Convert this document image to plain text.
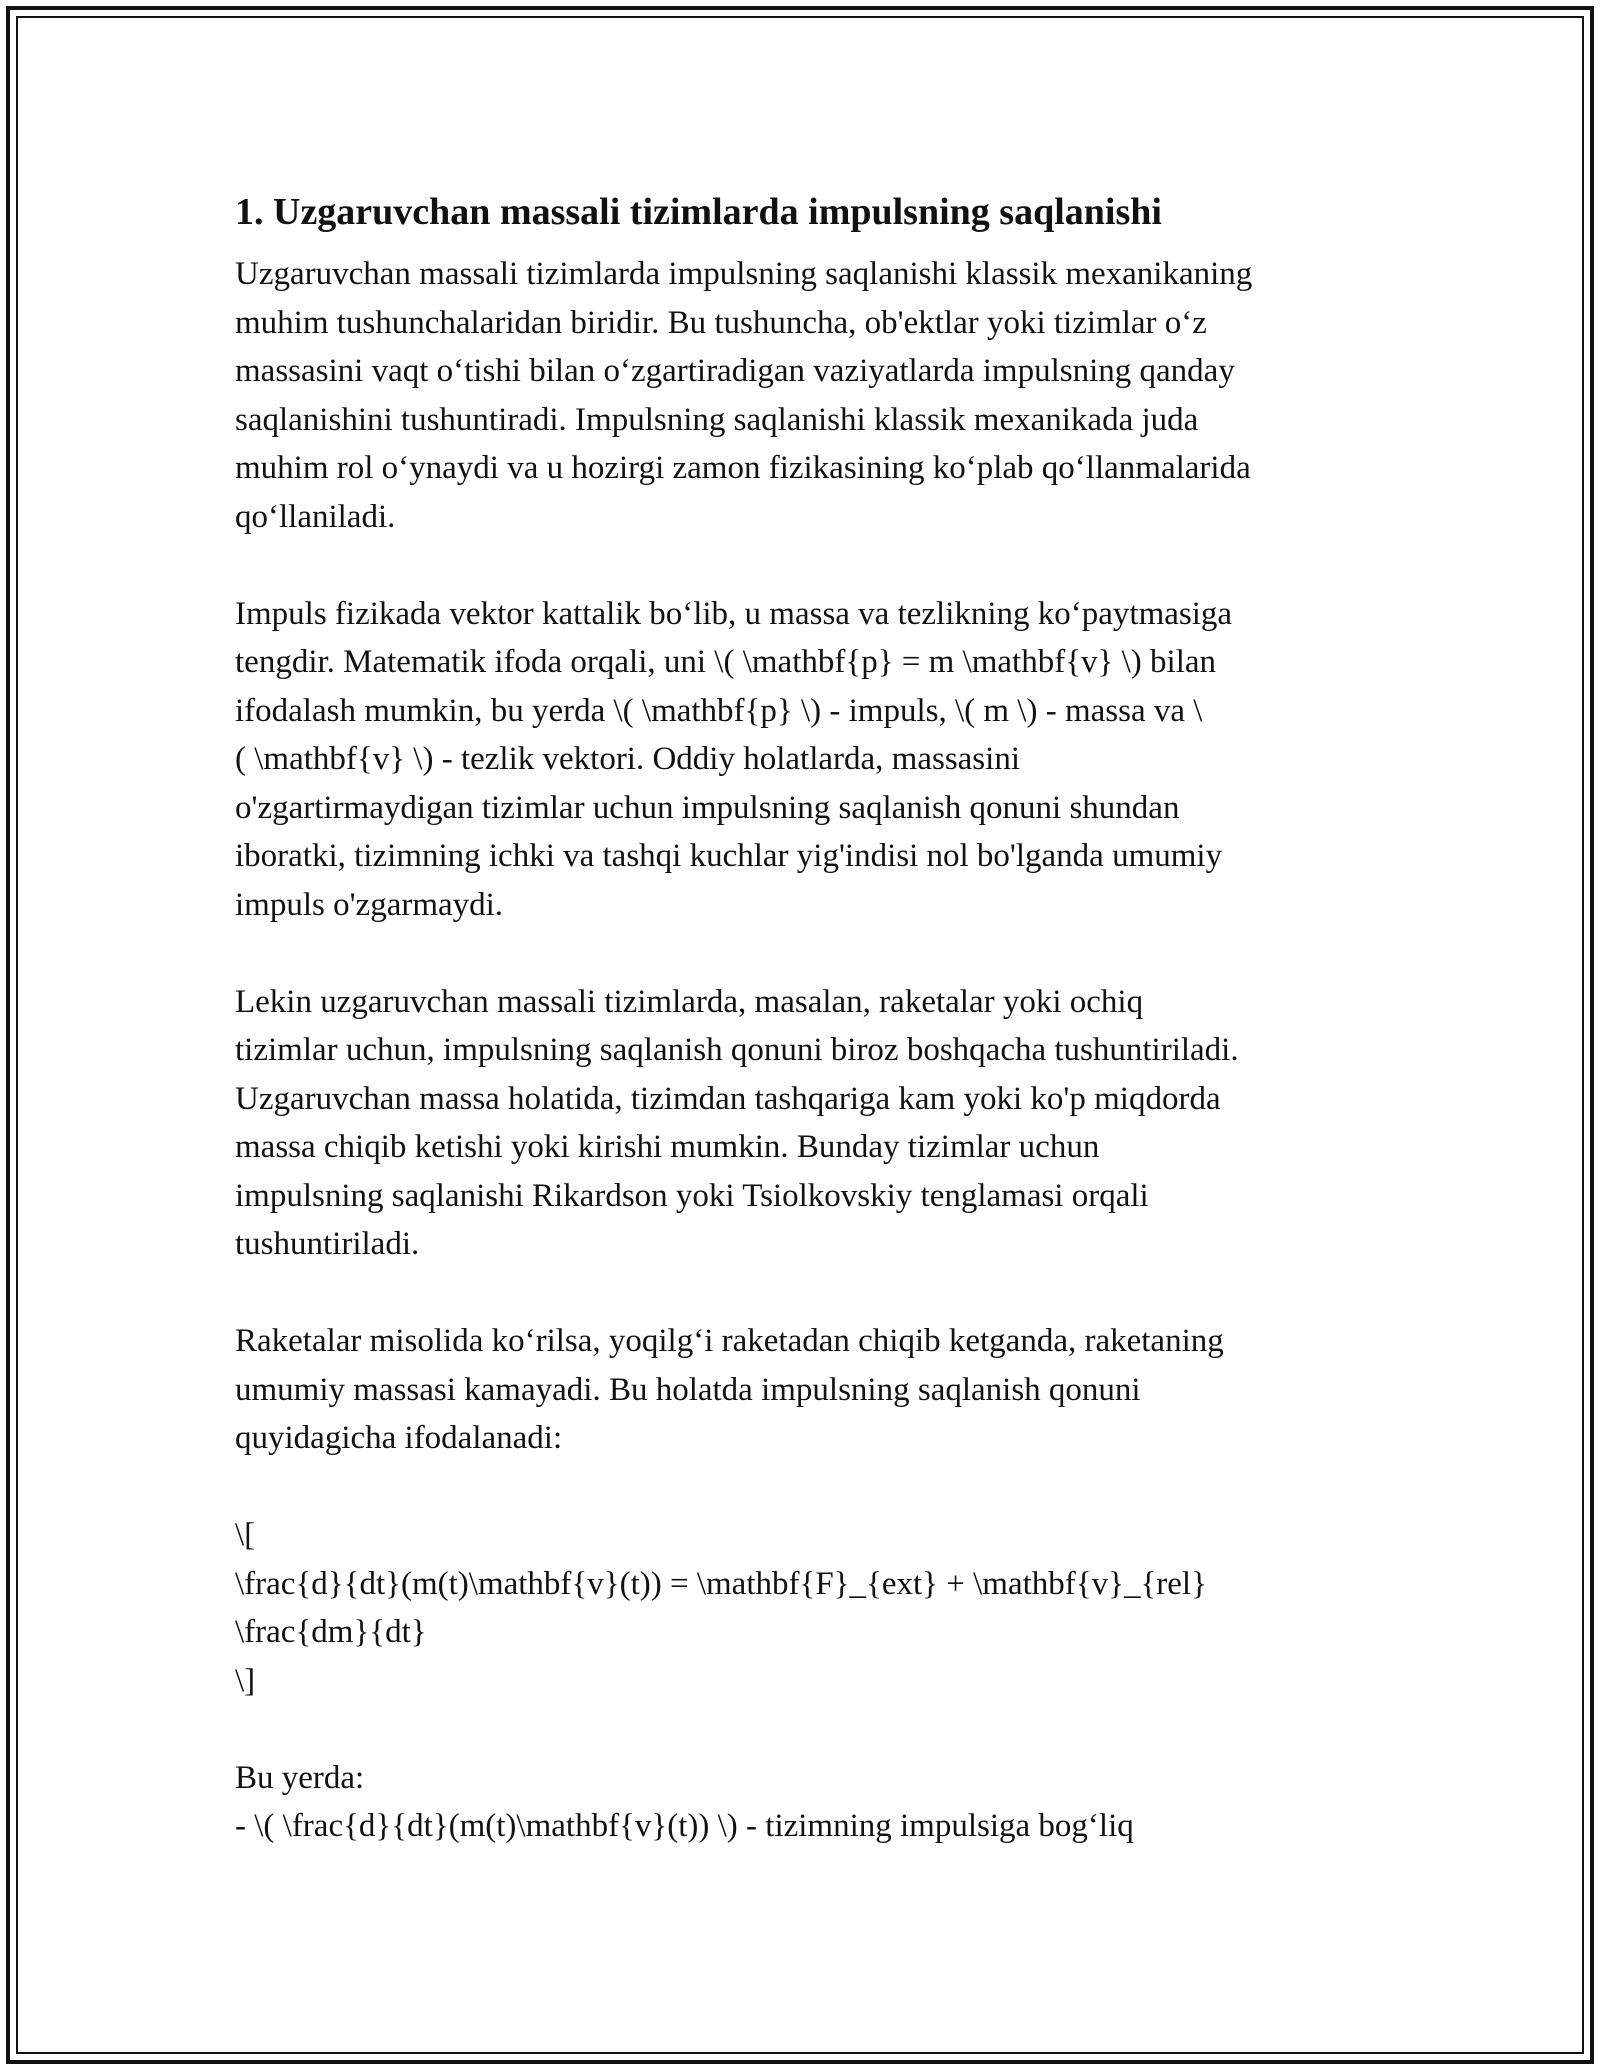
1. Uzgaruvchan massali tizimlarda impulsning saqlanishi

Uzgaruvchan massali tizimlarda impulsning saqlanishi klassik mexanikaning
muhim tushunchalaridan biridir. Bu tushuncha, ob'ektlar yoki tizimlar o‘z
massasini vaqt o‘tishi bilan o‘zgartiradigan vaziyatlarda impulsning qanday
saqlanishini tushuntiradi. Impulsning saqlanishi klassik mexanikada juda
muhim rol o‘ynaydi va u hozirgi zamon fizikasining ko‘plab qo‘llanmalarida
qo‘llaniladi.

Impuls fizikada vektor kattalik bo‘lib, u massa va tezlikning ko‘paytmasiga
tengdir. Matematik ifoda orqali, uni \( \mathbf{p} = m \mathbf{v} \) bilan
ifodalash mumkin, bu yerda \( \mathbf{p} \) - impuls, \( m \) - massa va \
( \mathbf{v} \) - tezlik vektori. Oddiy holatlarda, massasini
o'zgartirmaydigan tizimlar uchun impulsning saqlanish qonuni shundan
iboratki, tizimning ichki va tashqi kuchlar yig'indisi nol bo'lganda umumiy
impuls o'zgarmaydi.

Lekin uzgaruvchan massali tizimlarda, masalan, raketalar yoki ochiq
tizimlar uchun, impulsning saqlanish qonuni biroz boshqacha tushuntiriladi.
Uzgaruvchan massa holatida, tizimdan tashqariga kam yoki ko'p miqdorda
massa chiqib ketishi yoki kirishi mumkin. Bunday tizimlar uchun
impulsning saqlanishi Rikardson yoki Tsiolkovskiy tenglamasi orqali
tushuntiriladi.

Raketalar misolida ko‘rilsa, yoqilg‘i raketadan chiqib ketganda, raketaning
umumiy massasi kamayadi. Bu holatda impulsning saqlanish qonuni
quyidagicha ifodalanadi:

\[
\frac{d}{dt}(m(t)\mathbf{v}(t)) = \mathbf{F}_{ext} + \mathbf{v}_{rel}
\frac{dm}{dt}
\]

Bu yerda:
- \( \frac{d}{dt}(m(t)\mathbf{v}(t)) \) - tizimning impulsiga bog‘liq
